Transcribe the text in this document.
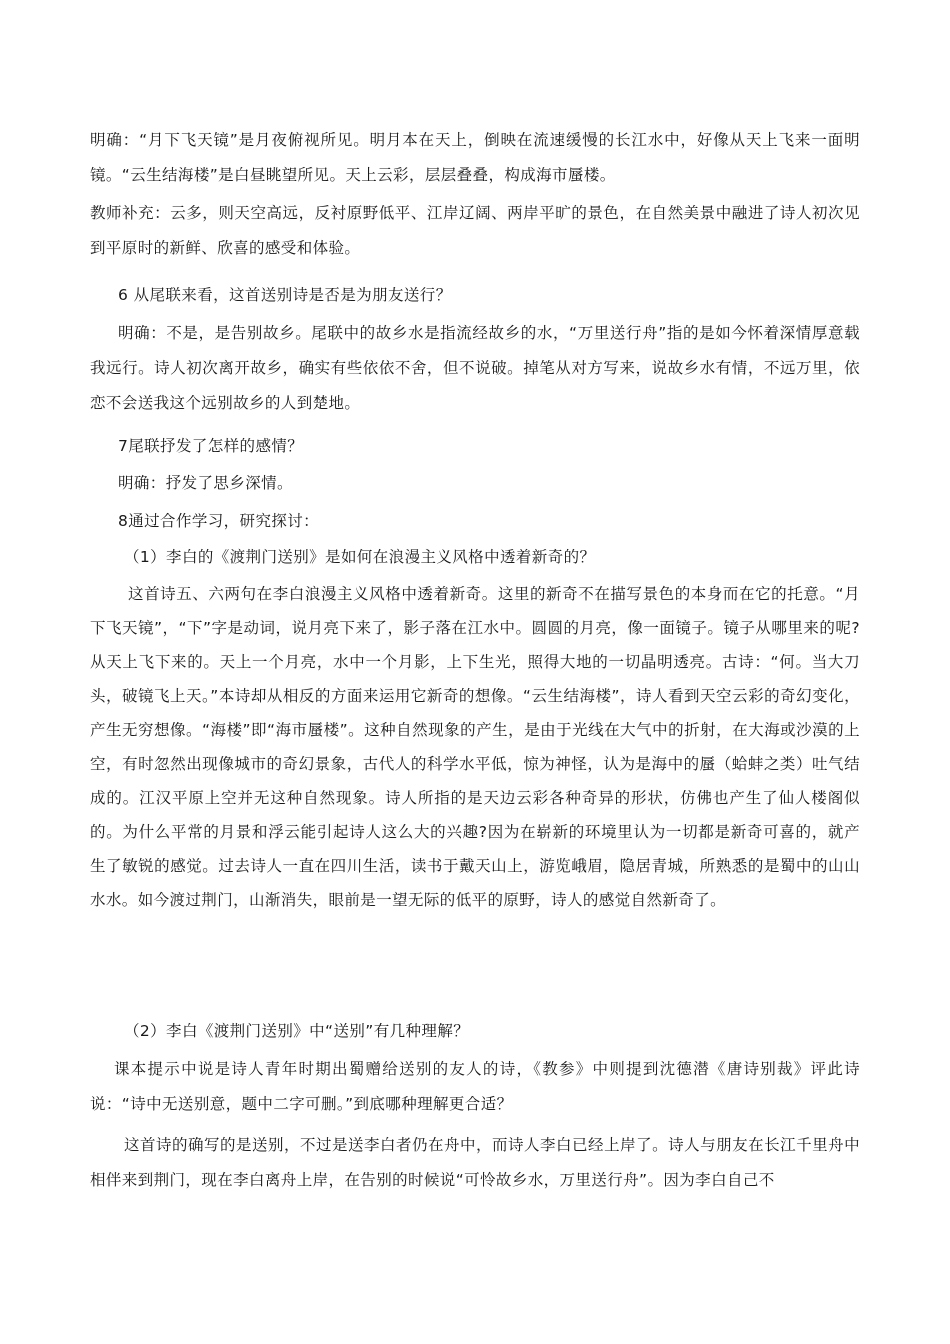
明确：“月下飞天镜”是月夜俯视所见。明月本在天上，倒映在流速缓慢的长江水中，好像从天上飞来一面明镜。“云生结海楼”是白昼眺望所见。天上云彩，层层叠叠，构成海市蜃楼。
教师补充：云多，则天空高远，反衬原野低平、江岸辽阔、两岸平旷的景色，在自然美景中融进了诗人初次见到平原时的新鲜、欣喜的感受和体验。
6 从尾联来看，这首送别诗是否是为朋友送行？
明确：不是，是告别故乡。尾联中的故乡水是指流经故乡的水，“万里送行舟”指的是如今怀着深情厚意载我远行。诗人初次离开故乡，确实有些依依不舍，但不说破。掉笔从对方写来，说故乡水有情，不远万里，依恋不会送我这个远别故乡的人到楚地。
7尾联抒发了怎样的感情？
明确：抒发了思乡深情。
8通过合作学习，研究探讨：
（1）李白的《渡荆门送别》是如何在浪漫主义风格中透着新奇的？
这首诗五、六两句在李白浪漫主义风格中透着新奇。这里的新奇不在描写景色的本身而在它的托意。“月下飞天镜”，“下”字是动词，说月亮下来了，影子落在江水中。圆圆的月亮，像一面镜子。镜子从哪里来的呢?从天上飞下来的。天上一个月亮，水中一个月影，上下生光，照得大地的一切晶明透亮。古诗：“何。当大刀头，破镜飞上天。”本诗却从相反的方面来运用它新奇的想像。“云生结海楼”，诗人看到天空云彩的奇幻变化，产生无穷想像。“海楼”即“海市蜃楼”。这种自然现象的产生，是由于光线在大气中的折射，在大海或沙漠的上空，有时忽然出现像城市的奇幻景象，古代人的科学水平低，惊为神怪，认为是海中的蜃（蛤蚌之类）吐气结成的。江汉平原上空并无这种自然现象。诗人所指的是天边云彩各种奇异的形状，仿佛也产生了仙人楼阁似的。为什么平常的月景和浮云能引起诗人这么大的兴趣?因为在崭新的环境里认为一切都是新奇可喜的，就产生了敏锐的感觉。过去诗人一直在四川生活，读书于戴天山上，游览峨眉，隐居青城，所熟悉的是蜀中的山山水水。如今渡过荆门，山渐消失，眼前是一望无际的低平的原野，诗人的感觉自然新奇了。
（2）李白《渡荆门送别》中“送别”有几种理解？
课本提示中说是诗人青年时期出蜀赠给送别的友人的诗，《教参》中则提到沈德潜《唐诗别裁》评此诗说：“诗中无送别意，题中二字可删。”到底哪种理解更合适？
这首诗的确写的是送别，不过是送李白者仍在舟中，而诗人李白已经上岸了。诗人与朋友在长江千里舟中相伴来到荆门，现在李白离舟上岸，在告别的时候说“可怜故乡水，万里送行舟”。因为李白自己不
